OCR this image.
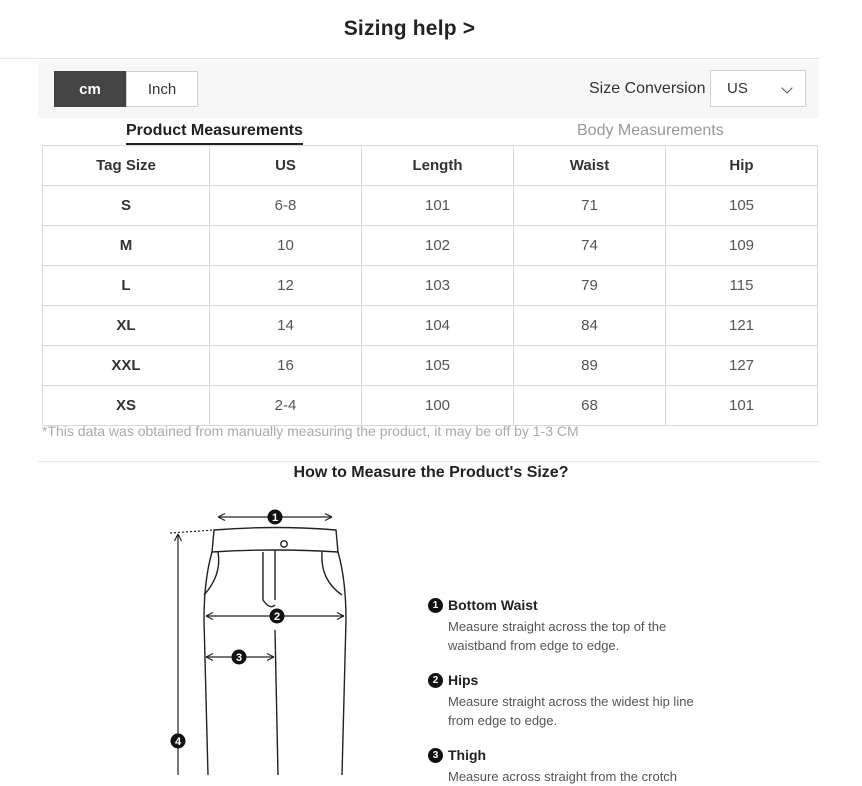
Sizing help >
cm	Inch	Size Conversion US
Product Measurements	Body Measurements
Tag Size	US	Length	Waist	Hip
S	6-8	101	71	105
M	10	102	74	109
L	12	103	79	115
XL	14	104	84	121
XXL	16	105	89	127
XS	2-4	100	68	101

*This data was obtained from manually measuring the product, it may be off by 1-3 CM

How to Measure the Product's Size?
1
2
3
4
1 Bottom Waist

Measure straight across the top of the waistband from edge to edge.

2 Hips

Measure straight across the widest hip line from edge to edge.

3 Thigh

Measure across straight from the crotch
